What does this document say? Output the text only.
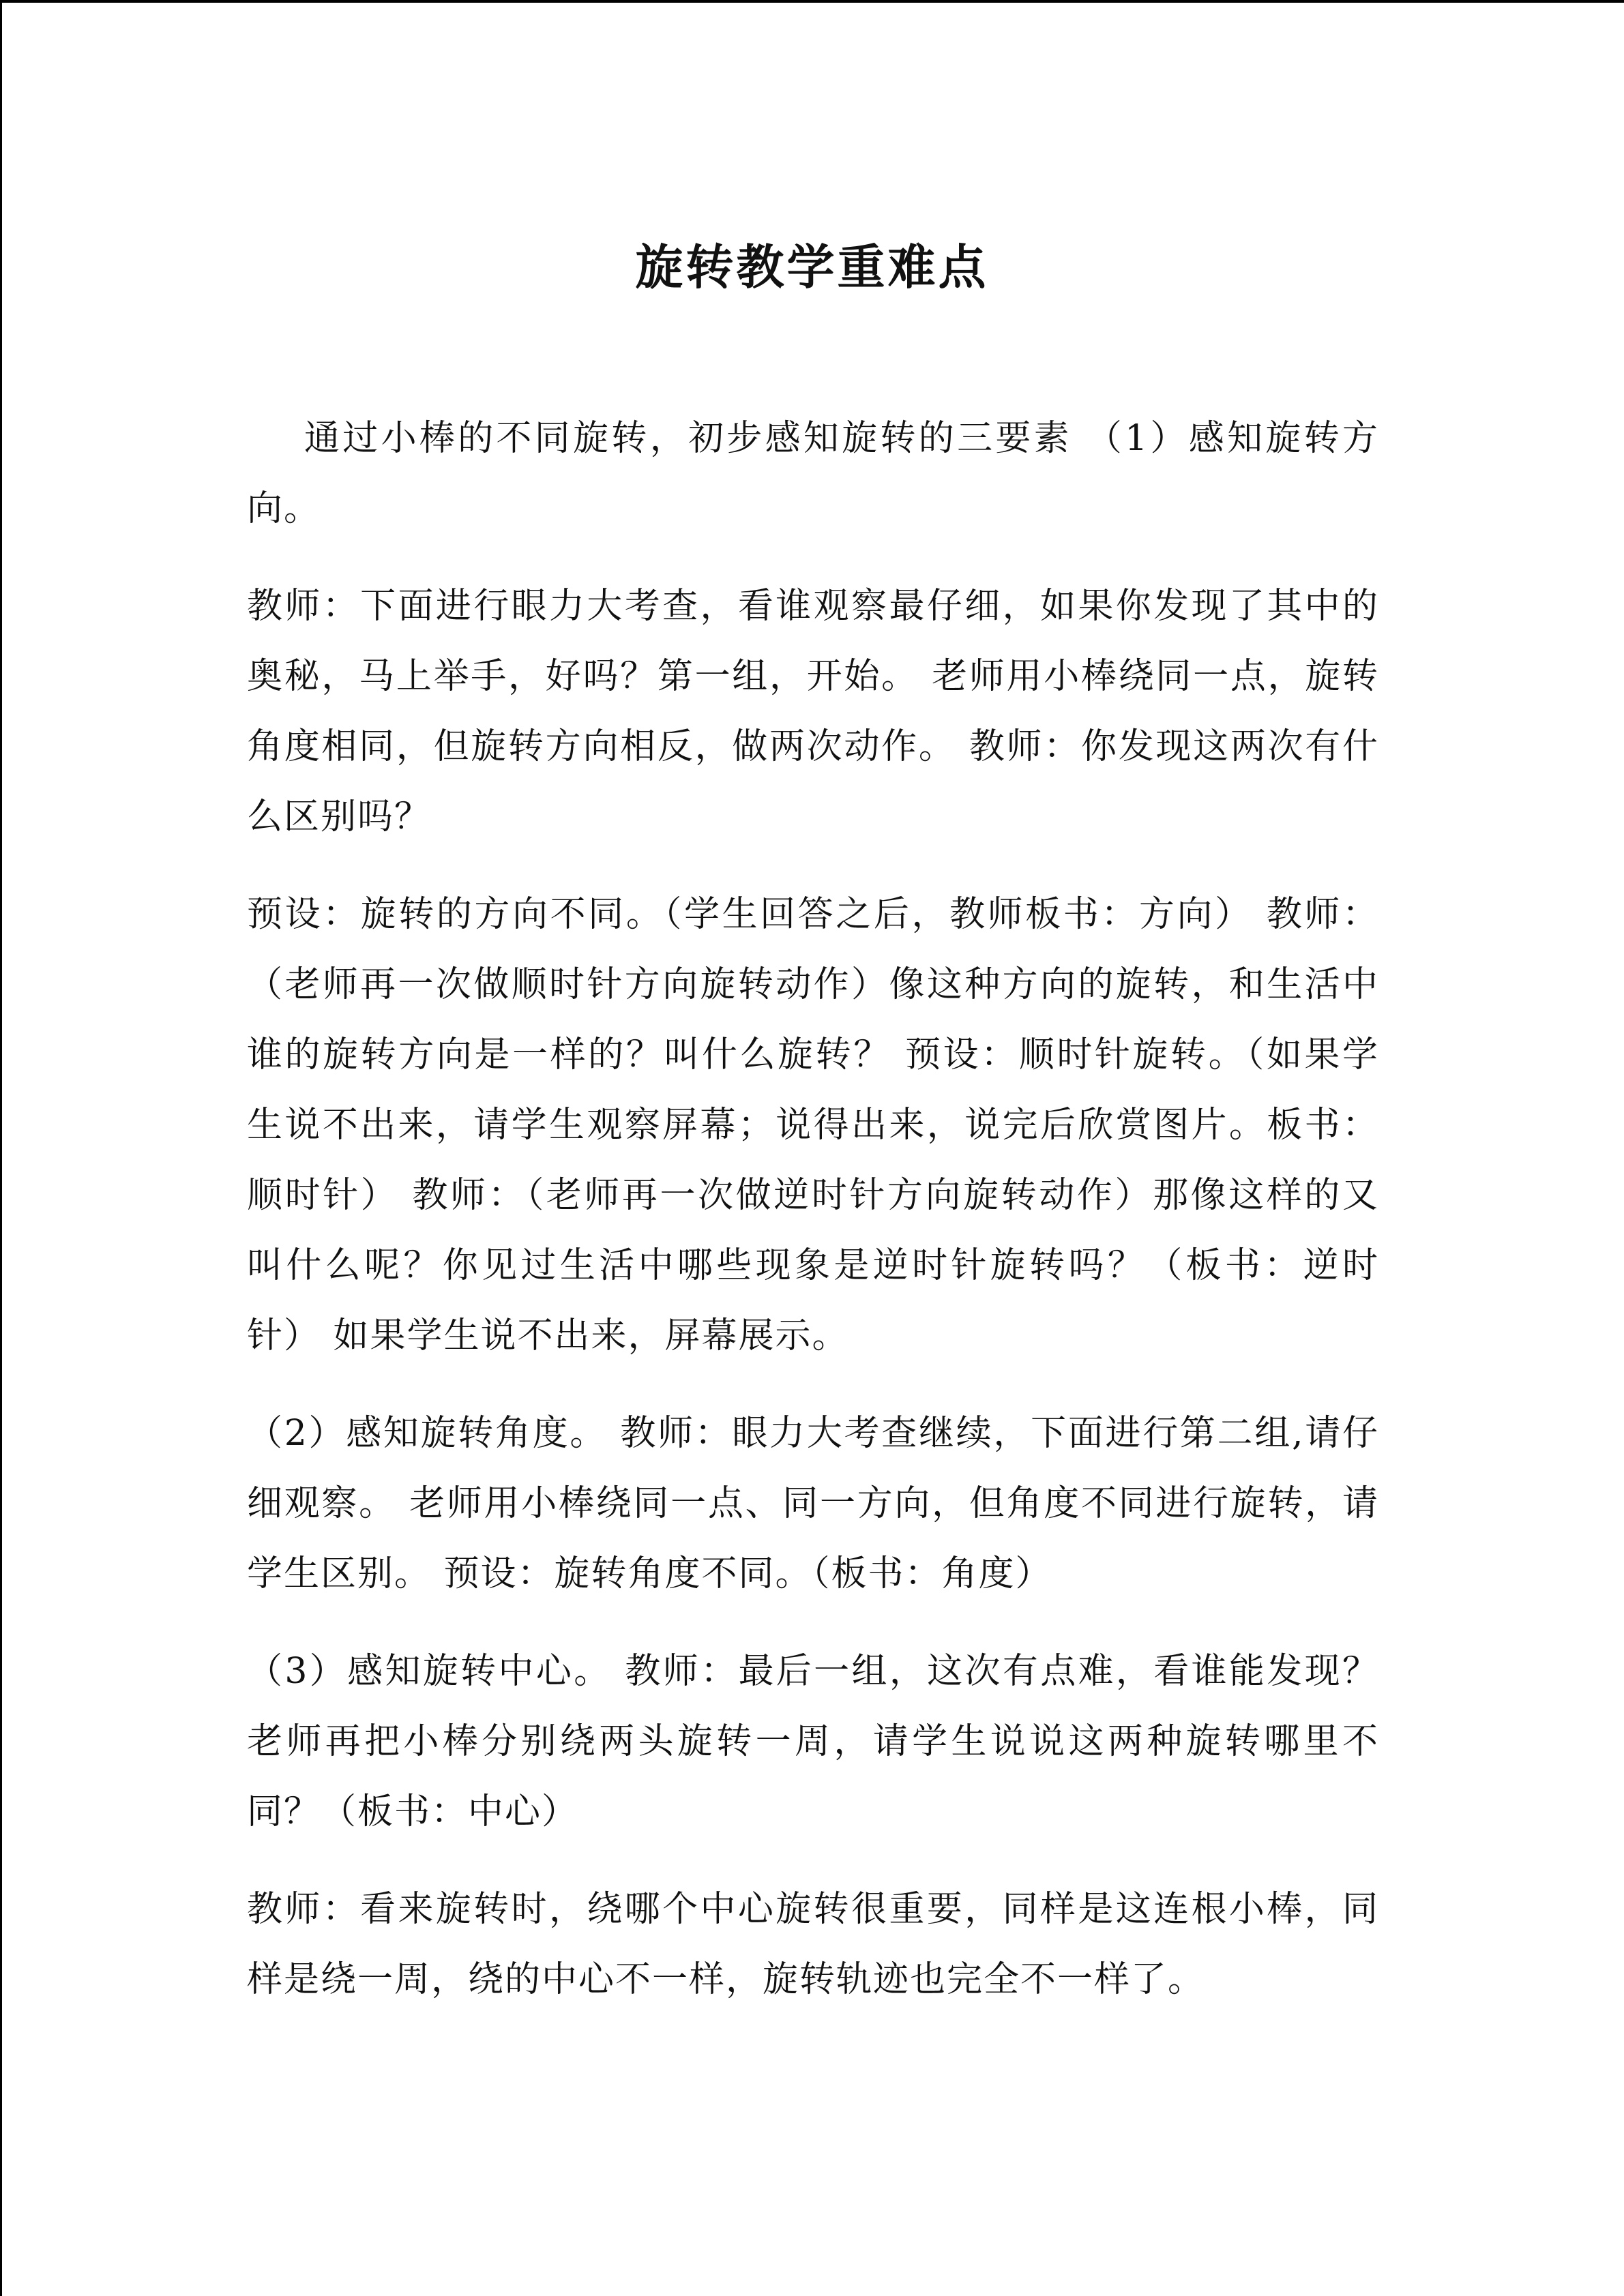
旋转教学重难点

通过小棒的不同旋转，初步感知旋转的三要素 （1）感知旋转方向。

教师：下面进行眼力大考查，看谁观察最仔细，如果你发现了其中的奥秘，马上举手，好吗？第一组，开始。 老师用小棒绕同一点，旋转角度相同，但旋转方向相反，做两次动作。 教师：你发现这两次有什么区别吗？

预设：旋转的方向不同。（学生回答之后，教师板书：方向） 教师：（老师再一次做顺时针方向旋转动作）像这种方向的旋转，和生活中谁的旋转方向是一样的？叫什么旋转？ 预设：顺时针旋转。（如果学生说不出来，请学生观察屏幕；说得出来，说完后欣赏图片。板书：顺时针） 教师：（老师再一次做逆时针方向旋转动作）那像这样的又叫什么呢？你见过生活中哪些现象是逆时针旋转吗？（板书：逆时针） 如果学生说不出来，屏幕展示。

（2）感知旋转角度。 教师：眼力大考查继续，下面进行第二组,请仔细观察。 老师用小棒绕同一点、同一方向，但角度不同进行旋转，请学生区别。 预设：旋转角度不同。（板书：角度）

（3）感知旋转中心。 教师：最后一组，这次有点难，看谁能发现？ 老师再把小棒分别绕两头旋转一周，请学生说说这两种旋转哪里不同？（板书：中心）

教师：看来旋转时，绕哪个中心旋转很重要，同样是这连根小棒，同样是绕一周，绕的中心不一样，旋转轨迹也完全不一样了。
